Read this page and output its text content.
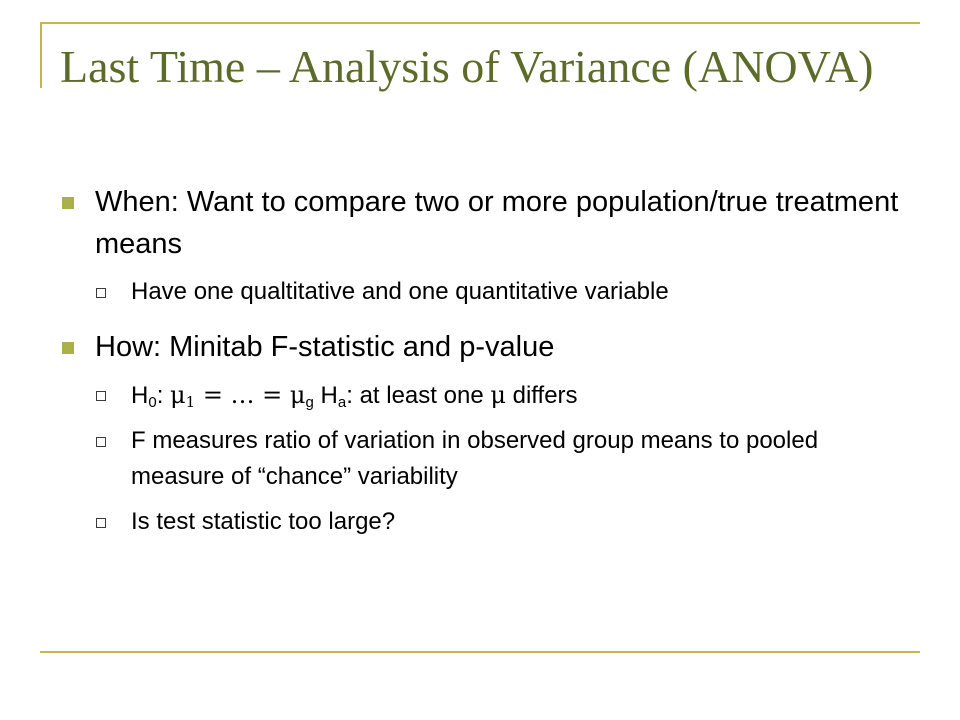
Last Time – Analysis of Variance (ANOVA)
When: Want to compare two or more population/true treatment means
Have one qualtitative and one quantitative variable
How: Minitab F-statistic and p-value
$H_0$: $\mu_1$ = … = $\mu_g$ $H_a$: at least one μ differs
F measures ratio of variation in observed group means to pooled measure of “chance” variability
Is test statistic too large?
